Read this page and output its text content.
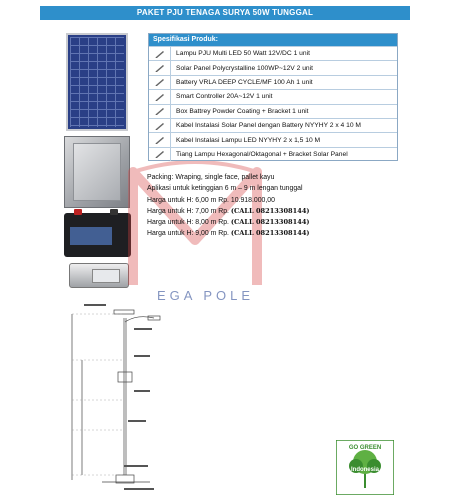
PAKET PJU TENAGA SURYA 50W TUNGGAL
EGA POLE
Spesifikasi Produk:
Lampu PJU Multi LED 50 Watt 12V/DC 1 unit
Solar Panel Polycrystalline 100WP~12V 2 unit
Battery VRLA DEEP CYCLE/MF 100 Ah 1 unit
Smart Controller 20A~12V 1 unit
Box Battrey Powder Coating + Bracket 1 unit
Kabel Instalasi Solar Panel dengan Battery NYYHY 2 x 4 10 M
Kabel Instalasi Lampu LED NYYHY 2 x 1,5 10 M
Tiang Lampu Hexagonal/Oktagonal + Bracket Solar Panel
Packing: Wraping, single face, pallet kayu
Aplikasi untuk ketinggian 6 m – 9 m lengan tunggal
Harga untuk H: 6,00 m Rp. 10.918.000,00
Harga untuk H: 7,00 m Rp. (CALL 08213308144)
Harga untuk H: 8,00 m Rp. (CALL 08213308144)
Harga untuk H: 9,00 m Rp. (CALL 08213308144)
GO GREEN
Indonesia
